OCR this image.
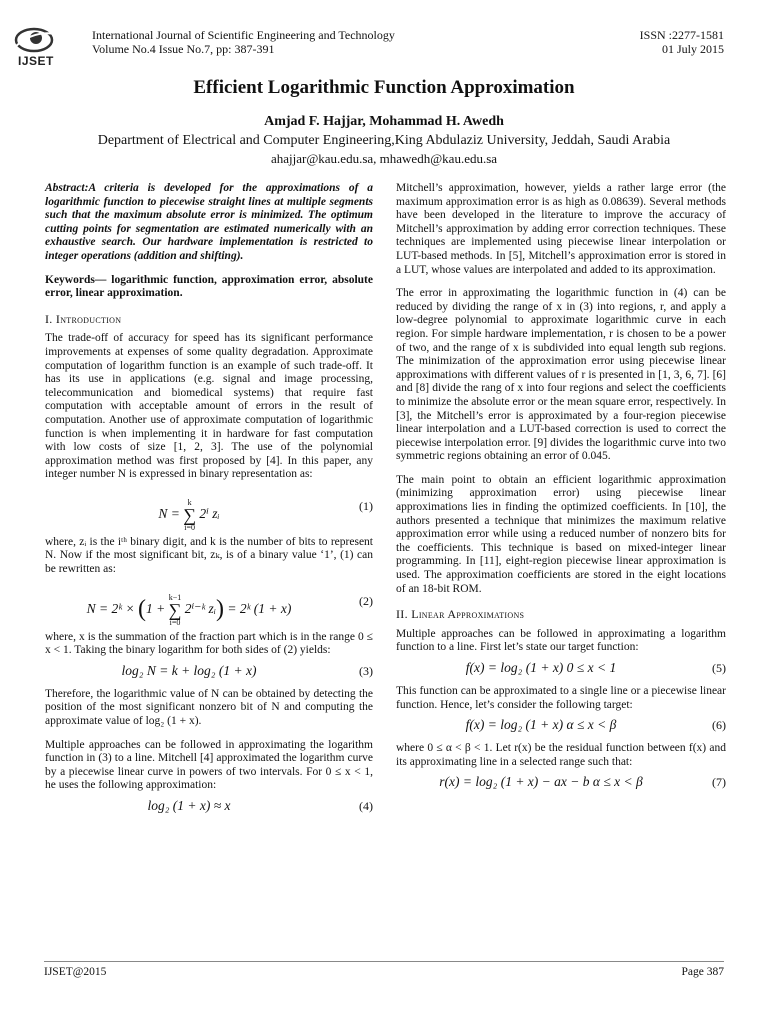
IJSET
International Journal of Scientific Engineering and Technology
Volume No.4 Issue No.7, pp: 387-391
ISSN :2277-1581
01 July 2015
Efficient Logarithmic Function Approximation
Amjad F. Hajjar, Mohammad H. Awedh
Department of Electrical and Computer Engineering,King Abdulaziz University, Jeddah, Saudi Arabia
ahajjar@kau.edu.sa, mhawedh@kau.edu.sa

Abstract:A criteria is developed for the approximations of a logarithmic function to piecewise straight lines at multiple segments such that the maximum absolute error is minimized. The optimum cutting points for segmentation are estimated numerically with an exhaustive search. Our hardware implementation is restricted to integer operations (addition and shifting).

Keywords— logarithmic function, approximation error, absolute error, linear approximation.

I. Introduction

The trade-off of accuracy for speed has its significant performance improvements at expenses of some quality degradation. Approximate computation of logarithm function is an example of such trade-off. It has its use in applications (e.g. signal and image processing, telecommunication and biomedical systems) that require fast computation with acceptable amount of errors in the result of computation. Another use of approximate computation of logarithmic function is when implementing it in hardware for fast computation with low costs of size [1, 2, 3]. The use of the polynomial approximation method was first proposed by [4]. In this paper, any integer number N is expressed in binary representation as:

N =
k
∑
i=0
2ⁱ zᵢ
(1)

where, zᵢ is the iᵗʰ binary digit, and k is the number of bits to represent N. Now if the most significant bit, zₖ, is of a binary value ‘1’, (1) can be rewritten as:

N = 2ᵏ × (1 +
k−1
∑
i=0
2ⁱ⁻ᵏ zᵢ) = 2ᵏ (1 + x)
(2)

where, x is the summation of the fraction part which is in the range 0 ≤ x < 1. Taking the binary logarithm for both sides of (2) yields:

log₂ N = k + log₂ (1 + x)	(3)

Therefore, the logarithmic value of N can be obtained by detecting the position of the most significant nonzero bit of N and computing the approximate value of log₂ (1 + x).

Multiple approaches can be followed in approximating the logarithm function in (3) to a line. Mitchell [4] approximated the logarithm curve by a piecewise linear curve in powers of two intervals. For 0 ≤ x < 1, he uses the following approximation:

log₂ (1 + x) ≈ x	(4)

Mitchell’s approximation, however, yields a rather large error (the maximum approximation error is as high as 0.08639). Several methods have been developed in the literature to improve the accuracy of Mitchell’s approximation by adding error correction techniques. These techniques are implemented using piecewise linear interpolation or LUT-based methods. In [5], Mitchell’s approximation error is stored in a LUT, whose values are interpolated and added to its approximation.

The error in approximating the logarithmic function in (4) can be reduced by dividing the range of x in (3) into regions, r, and apply a low-degree polynomial to approximate logarithmic curve in each region. For simple hardware implementation, r is chosen to be a power of two, and the range of x is subdivided into equal length sub regions. The minimization of the approximation error using piecewise linear approximations with different values of r is presented in [1, 3, 6, 7]. [6] and [8] divide the rang of x into four regions and select the coefficients to minimize the absolute error or the mean square error, respectively. In [3], the Mitchell’s error is approximated by a four-region piecewise linear interpolation and a LUT-based correction is used to correct the piecewise interpolation error. [9] divides the logarithmic curve into two symmetric regions obtaining an error of 0.045.

The main point to obtain an efficient logarithmic approximation (minimizing approximation error) using piecewise linear approximations lies in finding the optimized coefficients. In [10], the authors presented a technique that minimizes the maximum relative approximation error while using a reduced number of nonzero bits for the coefficients. This technique is based on mixed-integer linear programming. In [11], eight-region piecewise linear approximation is used. The approximation coefficients are stored in the eight locations of an 18-bit ROM.

II. Linear Approximations

Multiple approaches can be followed in approximating a logarithm function to a line. First let’s state our target function:

f(x) = log₂ (1 + x) 0 ≤ x < 1	(5)

This function can be approximated to a single line or a piecewise linear function. Hence, let’s consider the following target:

f(x) = log₂ (1 + x) α ≤ x < β	(6)

where 0 ≤ α < β < 1. Let r(x) be the residual function between f(x) and its approximating line in a selected range such that:

r(x) = log₂ (1 + x) − ax − b α ≤ x < β	(7)
IJSET@2015	Page 387
